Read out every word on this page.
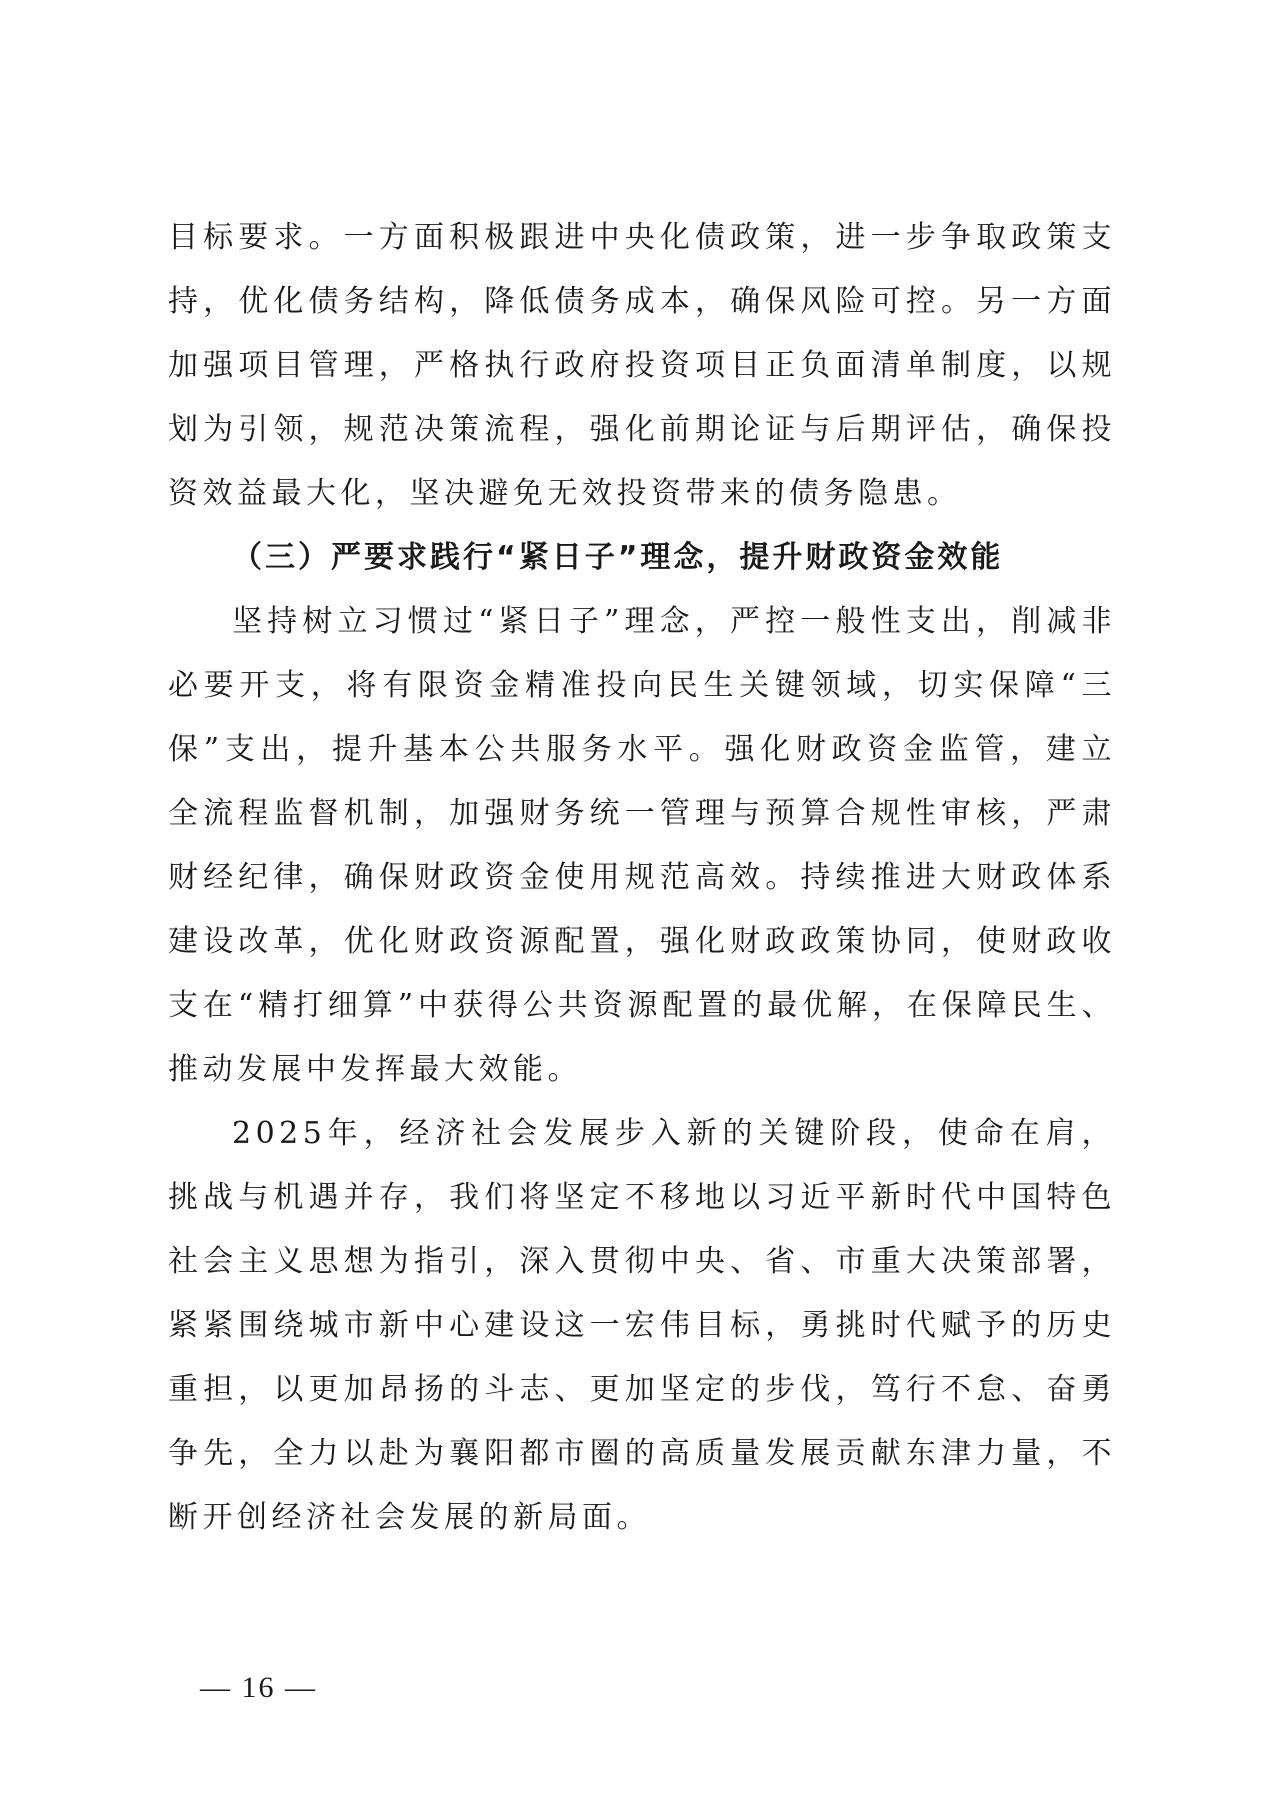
目标要求。一方面积极跟进中央化债政策，进一步争取政策支持，优化债务结构，降低债务成本，确保风险可控。另一方面加强项目管理，严格执行政府投资项目正负面清单制度，以规划为引领，规范决策流程，强化前期论证与后期评估，确保投资效益最大化，坚决避免无效投资带来的债务隐患。

（三）严要求践行“紧日子”理念，提升财政资金效能

坚持树立习惯过“紧日子”理念，严控一般性支出，削减非必要开支，将有限资金精准投向民生关键领域，切实保障“三保”支出，提升基本公共服务水平。强化财政资金监管，建立全流程监督机制，加强财务统一管理与预算合规性审核，严肃财经纪律，确保财政资金使用规范高效。持续推进大财政体系建设改革，优化财政资源配置，强化财政政策协同，使财政收支在“精打细算”中获得公共资源配置的最优解，在保障民生、推动发展中发挥最大效能。

2025年，经济社会发展步入新的关键阶段，使命在肩，挑战与机遇并存，我们将坚定不移地以习近平新时代中国特色社会主义思想为指引，深入贯彻中央、省、市重大决策部署，紧紧围绕城市新中心建设这一宏伟目标，勇挑时代赋予的历史重担，以更加昂扬的斗志、更加坚定的步伐，笃行不怠、奋勇争先，全力以赴为襄阳都市圈的高质量发展贡献东津力量，不断开创经济社会发展的新局面。

— 16 —
